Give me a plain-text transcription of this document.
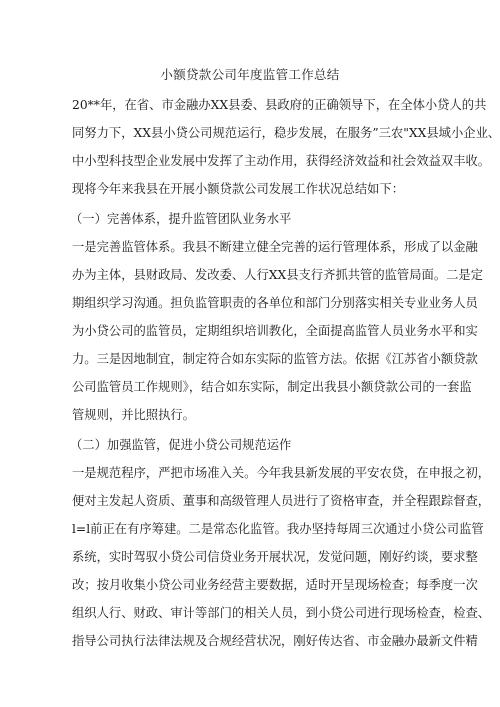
小额贷款公司年度监管工作总结
20**年，在省、市金融办XX县委、县政府的正确领导下，在全体小贷人的共
同努力下，XX县小贷公司规范运行，稳步发展，在服务”三农"XX县域小企业、
中小型科技型企业发展中发挥了主动作用，获得经济效益和社会效益双丰收。
现将今年来我县在开展小额贷款公司发展工作状况总结如下：
（一）完善体系，提升监管团队业务水平
一是完善监管体系。我县不断建立健全完善的运行管理体系，形成了以金融
办为主体，县财政局、发改委、人行XX县支行齐抓共管的监管局面。二是定
期组织学习沟通。担负监管职责的各单位和部门分别落实相关专业业务人员
为小贷公司的监管员，定期组织培训教化，全面提高监管人员业务水平和实
力。三是因地制宜，制定符合如东实际的监管方法。依据《江苏省小额贷款
公司监管员工作规则》，结合如东实际，制定出我县小额贷款公司的一套监
管规则，并比照执行。
（二）加强监管，促进小贷公司规范运作
一是规范程序，严把市场准入关。今年我县新发展的平安农贷，在申报之初，
便对主发起人资质、董事和高级管理人员进行了资格审查，并全程跟踪督查，
l=l前正在有序筹建。二是常态化监管。我办坚持每周三次通过小贷公司监管
系统，实时驾驭小贷公司信贷业务开展状况，发觉问题，刚好约谈，要求整
改；按月收集小贷公司业务经营主要数据，适时开呈现场检查；每季度一次
组织人行、财政、审计等部门的相关人员，到小贷公司进行现场检查，检查、
指导公司执行法律法规及合规经营状况，刚好传达省、市金融办最新文件精
